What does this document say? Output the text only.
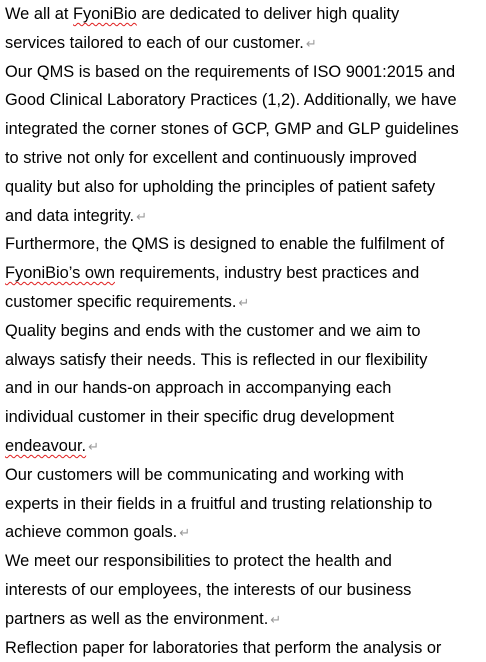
We all at FyoniBio are dedicated to deliver high quality
services tailored to each of our customer. ↵
Our QMS is based on the requirements of ISO 9001:2015 and
Good Clinical Laboratory Practices (1,2). Additionally, we have
integrated the corner stones of GCP, GMP and GLP guidelines
to strive not only for excellent and continuously improved
quality but also for upholding the principles of patient safety
and data integrity. ↵
Furthermore, the QMS is designed to enable the fulfilment of
FyoniBio’s own requirements, industry best practices and
customer specific requirements. ↵
Quality begins and ends with the customer and we aim to
always satisfy their needs. This is reflected in our flexibility
and in our hands-on approach in accompanying each
individual customer in their specific drug development
endeavour. ↵
Our customers will be communicating and working with
experts in their fields in a fruitful and trusting relationship to
achieve common goals. ↵
We meet our responsibilities to protect the health and
interests of our employees, the interests of our business
partners as well as the environment. ↵
Reflection paper for laboratories that perform the analysis or
